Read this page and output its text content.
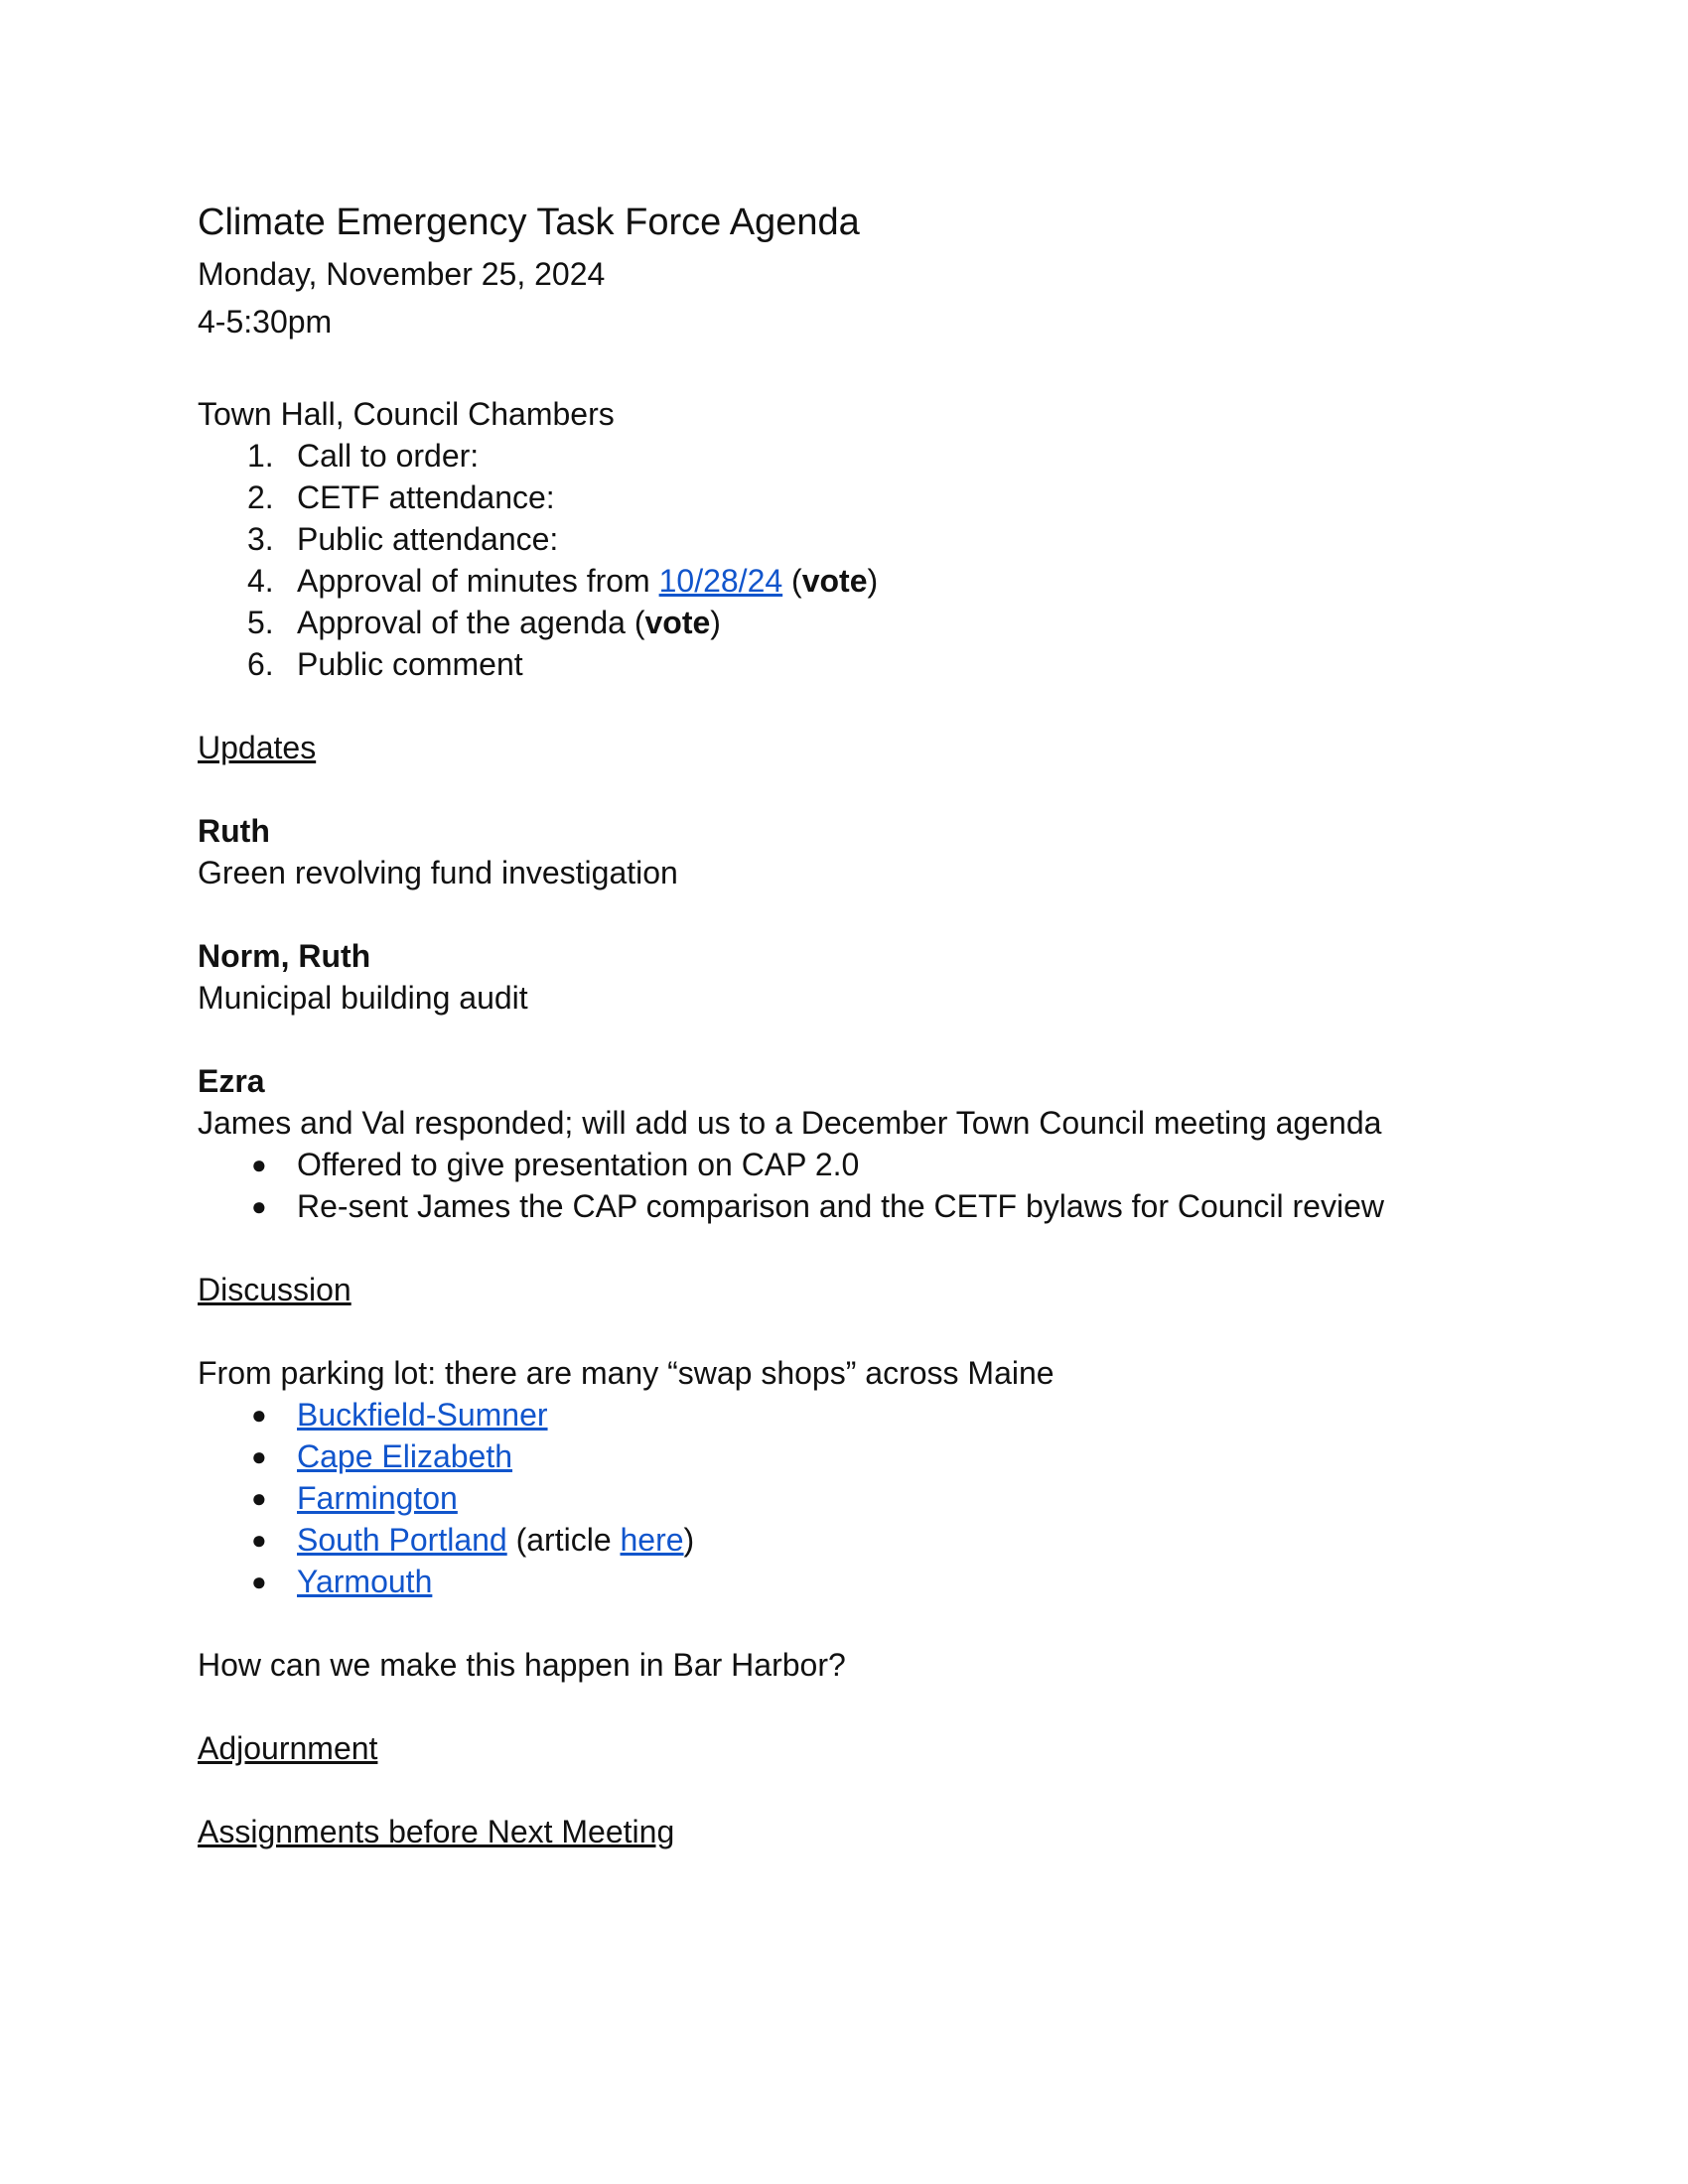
Climate Emergency Task Force Agenda

Monday, November 25, 2024

4-5:30pm

Town Hall, Council Chambers

1. Call to order:
2. CETF attendance:
3. Public attendance:
4. Approval of minutes from 10/28/24 (vote)
5. Approval of the agenda (vote)
6. Public comment

Updates

Ruth

Green revolving fund investigation

Norm, Ruth

Municipal building audit

Ezra

James and Val responded; will add us to a December Town Council meeting agenda

● Offered to give presentation on CAP 2.0
● Re-sent James the CAP comparison and the CETF bylaws for Council review

Discussion

From parking lot: there are many “swap shops” across Maine

● Buckfield-Sumner
● Cape Elizabeth
● Farmington
● South Portland (article here)
● Yarmouth

How can we make this happen in Bar Harbor?

Adjournment

Assignments before Next Meeting
